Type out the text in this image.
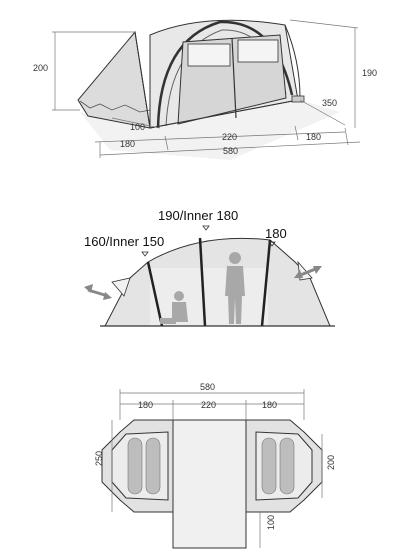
200	190
350
100
180
220	180
580
190/Inner 180
160/Inner 150
180
580
180	220	180
250	200
100
